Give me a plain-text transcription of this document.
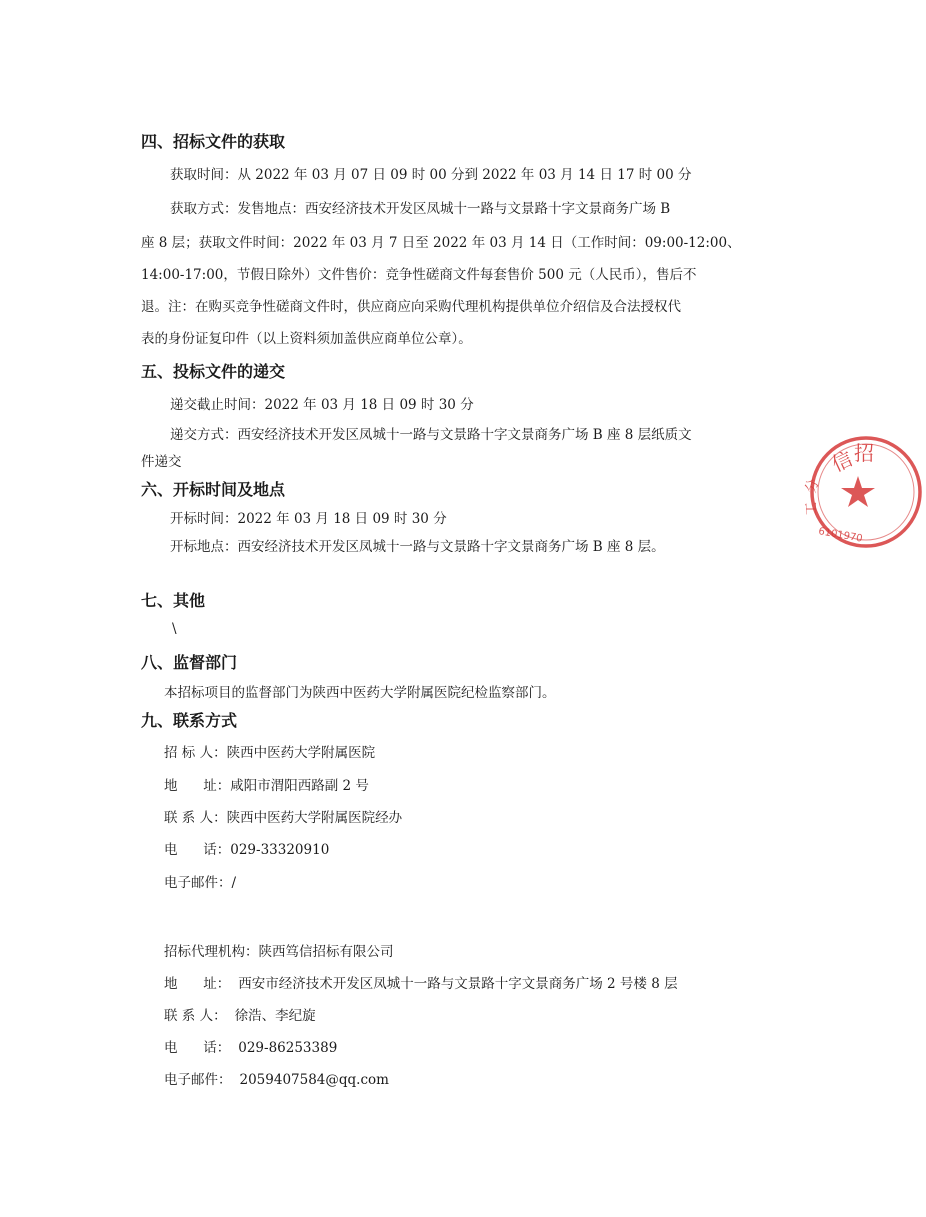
四、招标文件的获取
获取时间：从 2022 年 03 月 07 日 09 时 00 分到 2022 年 03 月 14 日 17 时 00 分
获取方式：发售地点：西安经济技术开发区凤城十一路与文景路十字文景商务广场 B
座 8 层；获取文件时间：2022 年 03 月 7 日至 2022 年 03 月 14 日（工作时间：09:00-12:00、
14:00-17:00，节假日除外）文件售价：竞争性磋商文件每套售价 500 元（人民币），售后不
退。注：在购买竞争性磋商文件时，供应商应向采购代理机构提供单位介绍信及合法授权代
表的身份证复印件（以上资料须加盖供应商单位公章）。
五、投标文件的递交
递交截止时间：2022 年 03 月 18 日 09 时 30 分
递交方式：西安经济技术开发区凤城十一路与文景路十字文景商务广场 B 座 8 层纸质文
件递交
六、开标时间及地点
开标时间：2022 年 03 月 18 日 09 时 30 分
开标地点：西安经济技术开发区凤城十一路与文景路十字文景商务广场 B 座 8 层。
七、其他
\
八、监督部门
本招标项目的监督部门为陕西中医药大学附属医院纪检监察部门。
九、联系方式
招 标 人：陕西中医药大学附属医院
地      址：咸阳市渭阳西路副 2 号
联 系 人：陕西中医药大学附属医院经办
电      话：029-33320910
电子邮件：/
招标代理机构：陕西笃信招标有限公司
地      址： 西安市经济技术开发区凤城十一路与文景路十字文景商务广场 2 号楼 8 层
联 系 人： 徐浩、李纪旋
电      话： 029-86253389
电子邮件： 2059407584@qq.com
信
招
分
工
6101970
